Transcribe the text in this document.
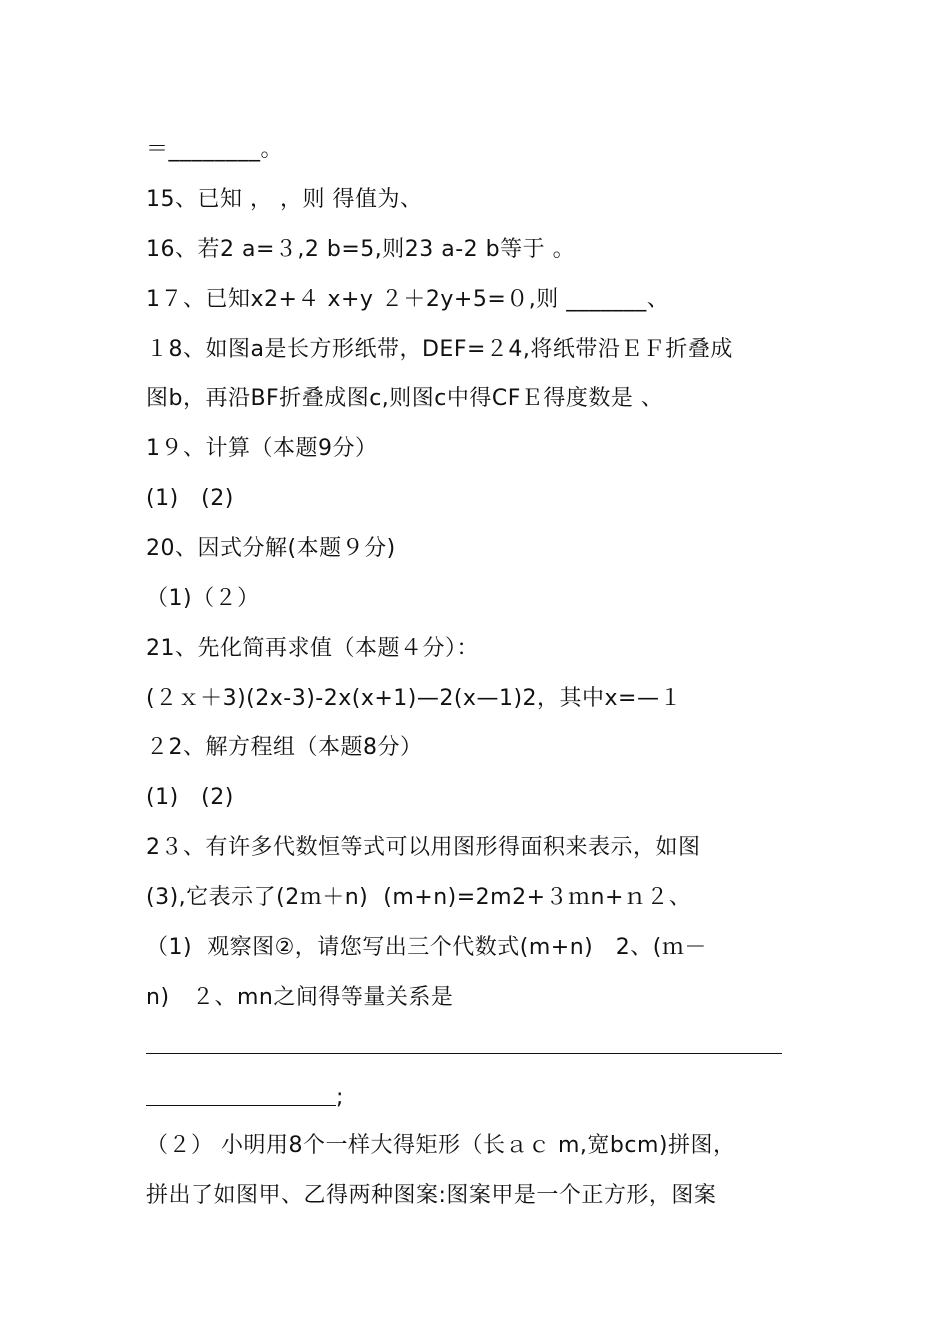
＝________。
15、已知 ， ，则 得值为、
16、若2 a=３,2 b=5,则23 a-2 b等于 。
1７、已知x2+４ x+y ２＋2y+5=０,则 _______、
１8、如图a是长方形纸带，DEF=２4,将纸带沿ＥＦ折叠成
图b，再沿BF折叠成图c,则图c中得CFＥ得度数是 、
1９、计算（本题9分）
(1)   (2)
20、因式分解(本题９分)
（1)（２）
21、先化简再求值（本题４分）：
(２ｘ＋3)(2x-3)-2x(x+1)—2(x—1)2，其中x=—１
２2、解方程组（本题8分）
(1)   (2)
2３、有许多代数恒等式可以用图形得面积来表示，如图
(3),它表示了(2ｍ＋n)  (m+n)=2m2+３ｍn+ｎ２、
（1)  观察图②，请您写出三个代数式(m+n)   2、(ｍ－
n)   ２、mn之间得等量关系是
;
（２） 小明用8个一样大得矩形（长ａｃ m,宽bcm)拼图，
拼出了如图甲、乙得两种图案:图案甲是一个正方形，图案
